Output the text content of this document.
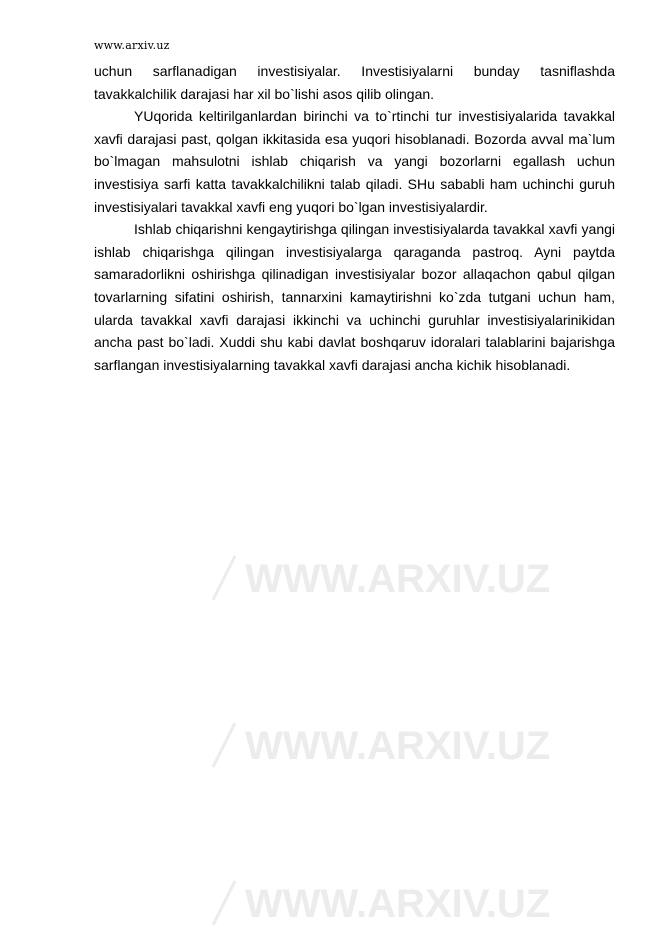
www.arxiv.uz

uchun sarflanadigan investisiyalar. Investisiyalarni bunday tasniflashda tavakkalchilik darajasi har xil bo`lishi asos qilib olingan.

YUqorida keltirilganlardan birinchi va to`rtinchi tur investisiyalarida tavakkal xavfi darajasi past, qolgan ikkitasida esa yuqori hisoblanadi. Bozorda avval ma`lum bo`lmagan mahsulotni ishlab chiqarish va yangi bozorlarni egallash uchun investisiya sarfi katta tavakkalchilikni talab qiladi. SHu sababli ham uchinchi guruh investisiyalari tavakkal xavfi eng yuqori bo`lgan investisiyalardir.

Ishlab chiqarishni kengaytirishga qilingan investisiyalarda tavakkal xavfi yangi ishlab chiqarishga qilingan investisiyalarga qaraganda pastroq. Ayni paytda samaradorlikni oshirishga qilinadigan investisiyalar bozor allaqachon qabul qilgan tovarlarning sifatini oshirish, tannarxini kamaytirishni ko`zda tutgani uchun ham, ularda tavakkal xavfi darajasi ikkinchi va uchinchi guruhlar investisiyalarinikidan ancha past bo`ladi. Xuddi shu kabi davlat boshqaruv idoralari talablarini bajarishga sarflangan investisiyalarning tavakkal xavfi darajasi ancha kichik hisoblanadi.

WWW.ARXIV.UZ
WWW.ARXIV.UZ
WWW.ARXIV.UZ
